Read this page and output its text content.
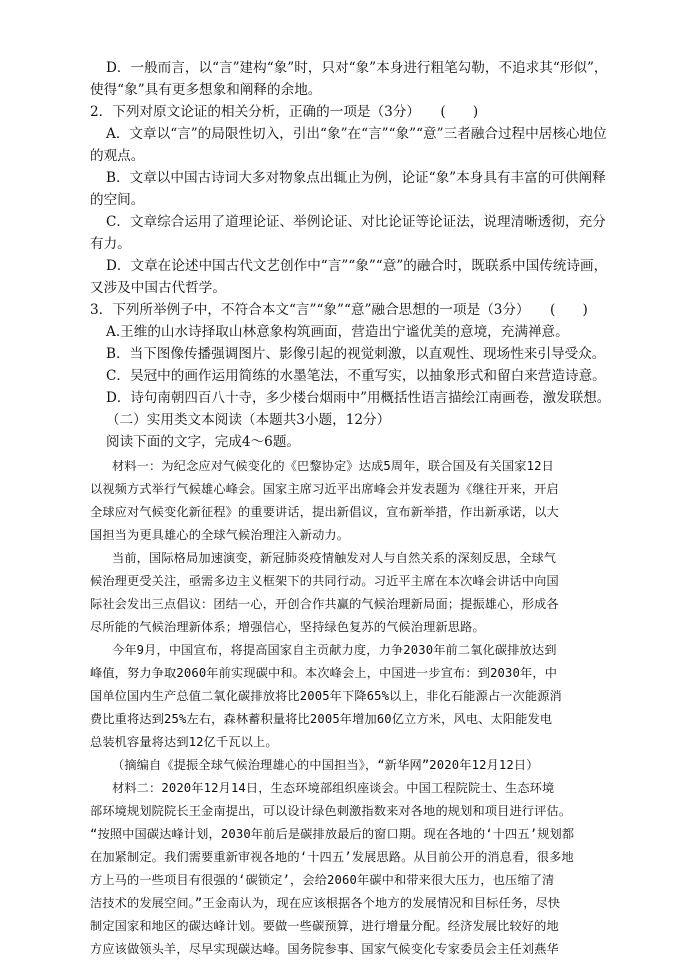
D．一般而言，以“言”建构“象”时，只对“象”本身进行粗笔勾勒，不追求其“形似”，
使得“象”具有更多想象和阐释的余地。
2．下列对原文论证的相关分析，正确的一项是（3分）　　(　　)
A．文章以“言”的局限性切入，引出“象”在“言”“象”“意”三者融合过程中居核心地位
的观点。
B．文章以中国古诗词大多对物象点出辄止为例，论证“象”本身具有丰富的可供阐释
的空间。
C．文章综合运用了道理论证、举例论证、对比论证等论证法，说理清晰透彻，充分
有力。
D．文章在论述中国古代文艺创作中“言”“象”“意”的融合时，既联系中国传统诗画，
又涉及中国古代哲学。
3．下列所举例子中，不符合本文“言”“象”“意”融合思想的一项是（3分）　　(　　)
A.王维的山水诗择取山林意象构筑画面，营造出宁谧优美的意境，充满禅意。
B．当下图像传播强调图片、影像引起的视觉刺激，以直观性、现场性来引导受众。
C．吴冠中的画作运用简练的水墨笔法，不重写实，以抽象形式和留白来营造诗意。
D．诗句南朝四百八十寺，多少楼台烟雨中”用概括性语言描绘江南画卷，激发联想。
（二）实用类文本阅读（本题共3小题，12分）
阅读下面的文字，完成4～6题。
材料一：为纪念应对气候变化的《巴黎协定》达成5周年，联合国及有关国家12日
以视频方式举行气候雄心峰会。国家主席习近平出席峰会并发表题为《继往开来，开启
全球应对气候变化新征程》的重要讲话，提出新倡议，宣布新举措，作出新承诺，以大
国担当为更具雄心的全球气候治理注入新动力。
当前，国际格局加速演变，新冠肺炎疫情触发对人与自然关系的深刻反思，全球气
候治理更受关注，亟需多边主义框架下的共同行动。习近平主席在本次峰会讲话中向国
际社会发出三点倡议：团结一心，开创合作共赢的气候治理新局面；提振雄心，形成各
尽所能的气候治理新体系；增强信心，坚持绿色复苏的气候治理新思路。
今年9月，中国宣布，将提高国家自主贡献力度，力争2030年前二氧化碳排放达到
峰值，努力争取2060年前实现碳中和。本次峰会上，中国进一步宣布：到2030年，中
国单位国内生产总值二氧化碳排放将比2005年下降65%以上，非化石能源占一次能源消
费比重将达到25%左右，森林蓄积量将比2005年增加60亿立方米，风电、太阳能发电
总装机容量将达到12亿千瓦以上。
（摘编自《提振全球气候治理雄心的中国担当》，“新华网”2020年12月12日）
材料二：2020年12月14日，生态环境部组织座谈会。中国工程院院士、生态环境
部环境规划院院长王金南提出，可以设计绿色刺激指数来对各地的规划和项目进行评估。
“按照中国碳达峰计划，2030年前后是碳排放最后的窗口期。现在各地的‘十四五’规划都
在加紧制定。我们需要重新审视各地的‘十四五’发展思路。从目前公开的消息看，很多地
方上马的一些项目有很强的‘碳锁定’，会给2060年碳中和带来很大压力，也压缩了清
洁技术的发展空间。”王金南认为，现在应该根据各个地方的发展情况和目标任务，尽快
制定国家和地区的碳达峰计划。要做一些碳预算，进行增量分配。经济发展比较好的地
方应该做领头羊，尽早实现碳达峰。国务院参事、国家气候变化专家委员会主任刘燕华
